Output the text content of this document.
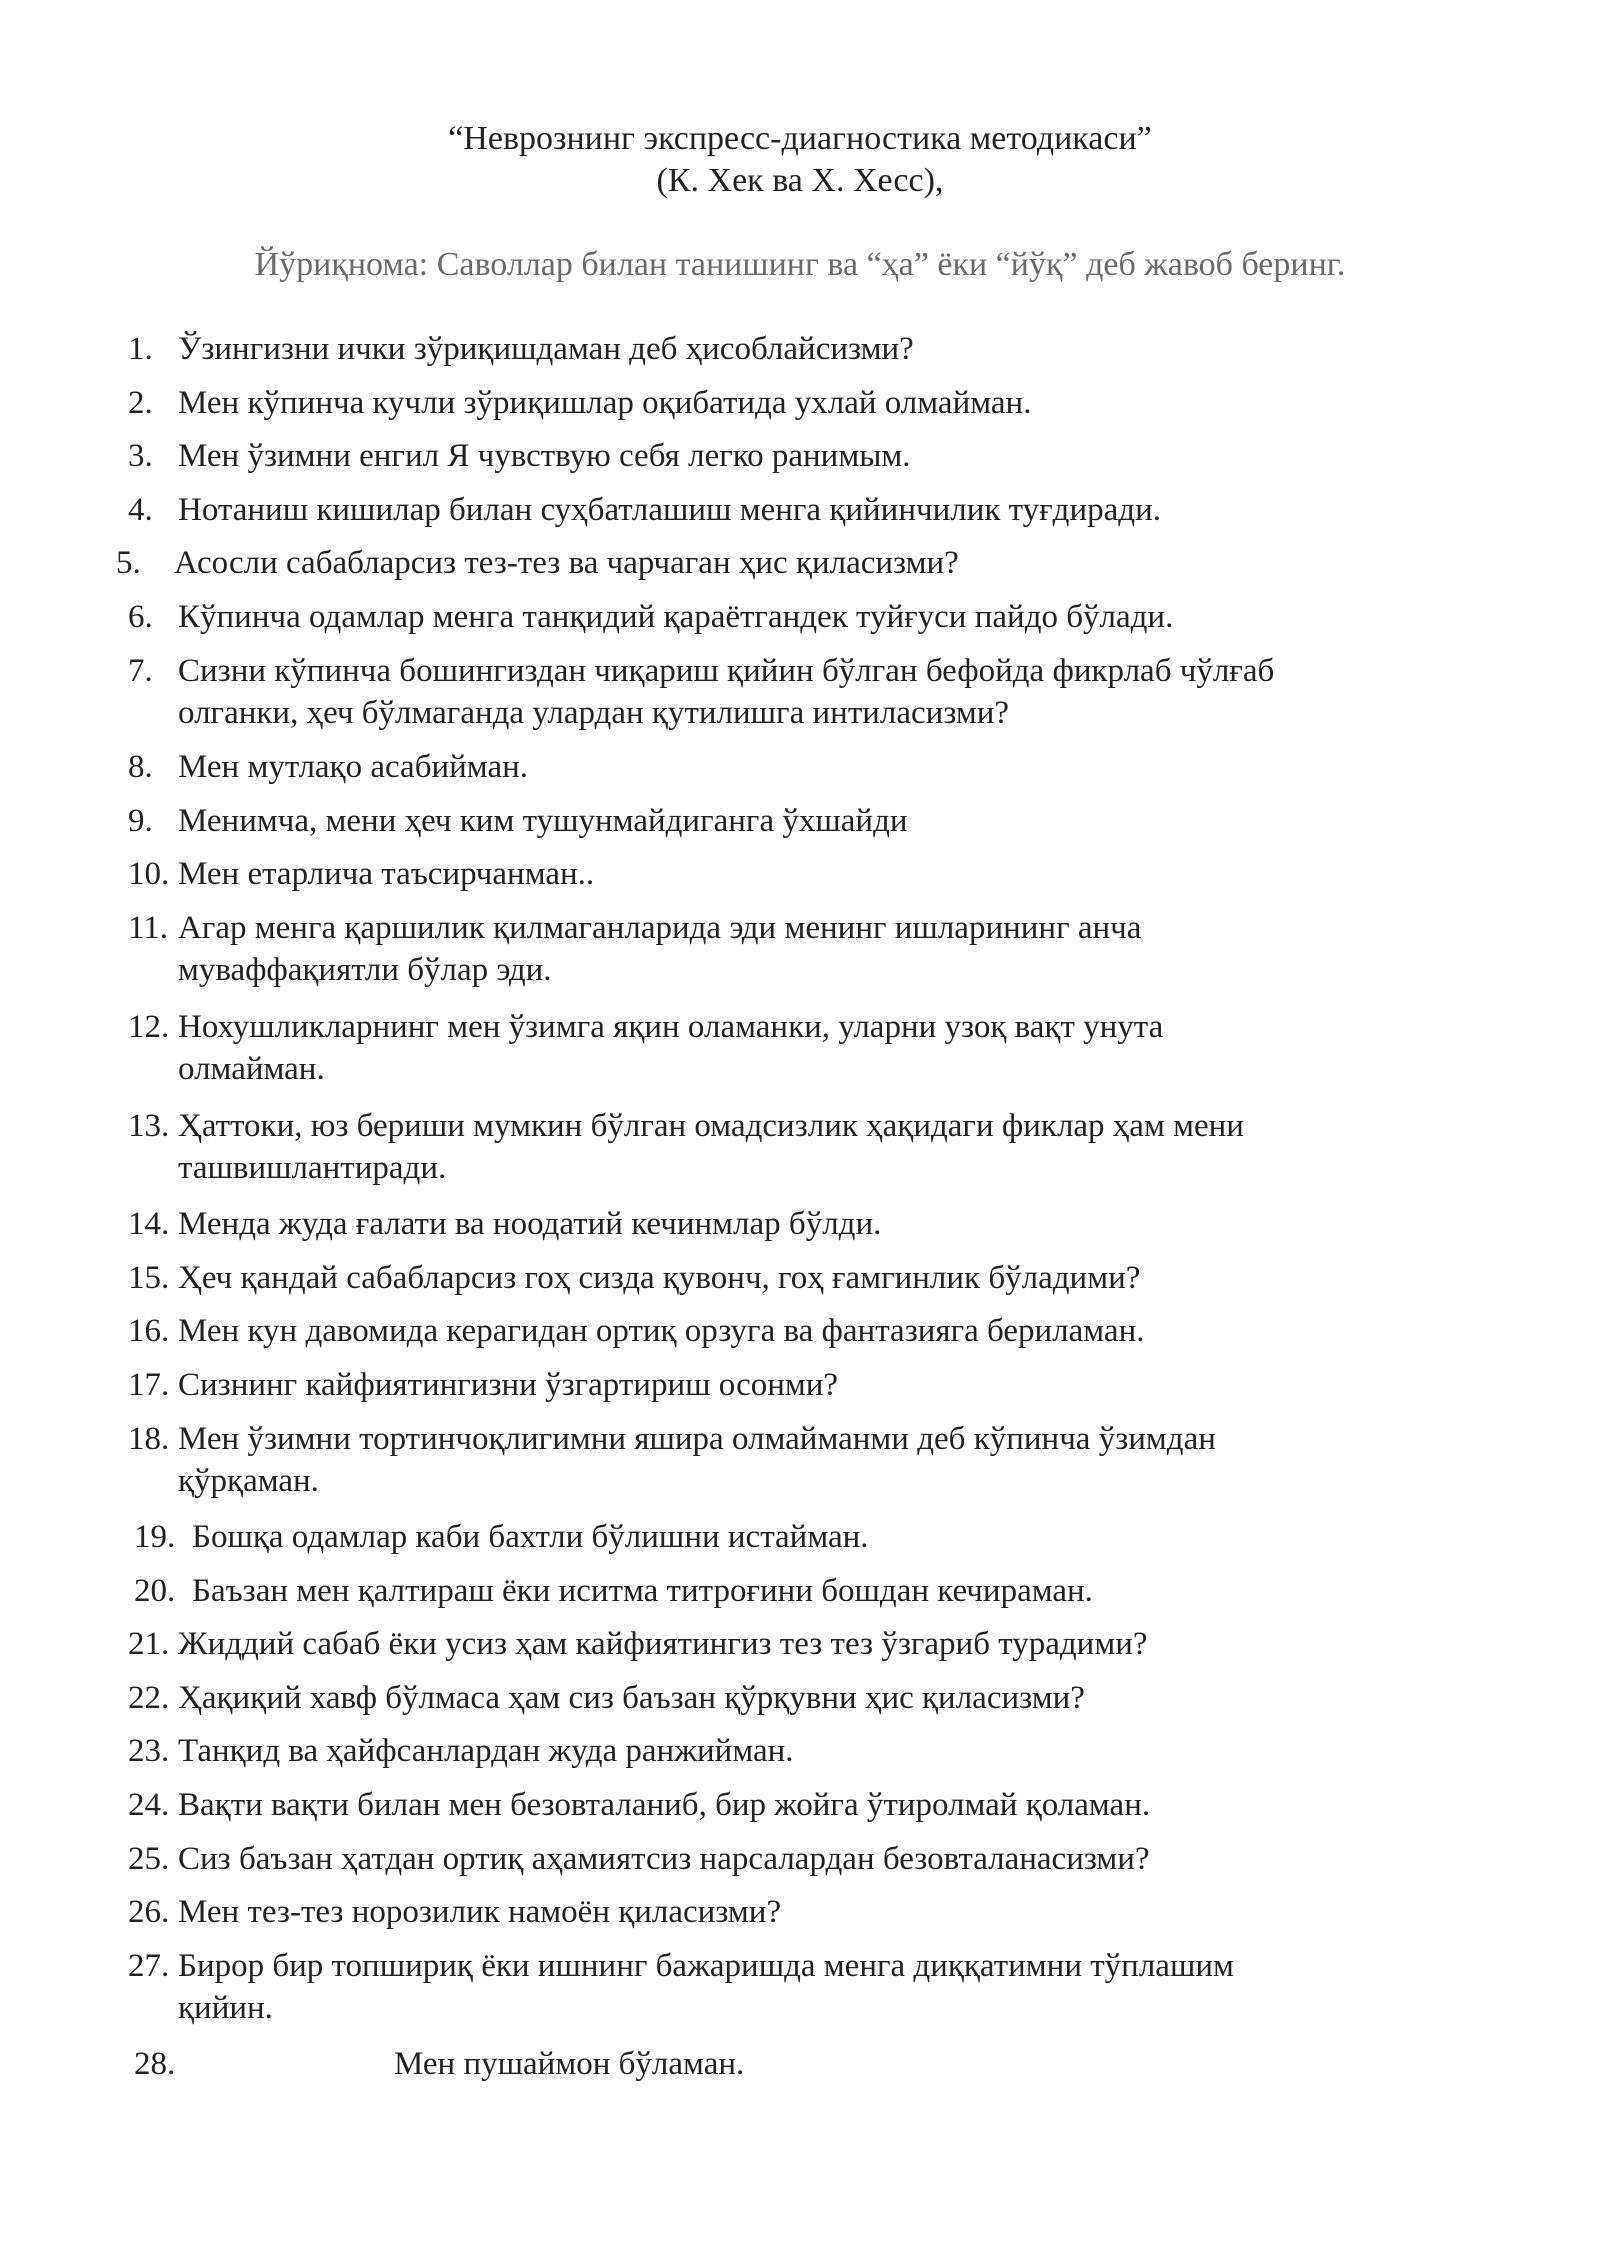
“Неврознинг экспресс-диагностика методикаси”
(К. Хек ва Х. Хесс),
Йўриқнома: Саволлар билан танишинг ва “ҳа” ёки “йўқ” деб жавоб беринг.
1. Ўзингизни ички зўриқишдаман деб ҳисоблайсизми?
2. Мен кўпинча кучли зўриқишлар оқибатида ухлай олмайман.
3. Мен ўзимни енгил Я чувствую себя легко ранимым.
4. Нотаниш кишилар билан суҳбатлашиш менга қийинчилик туғдиради.
5. Асосли сабабларсиз тез-тез ва чарчаган ҳис қиласизми?
6. Кўпинча одамлар менга танқидий қараётгандек туйғуси пайдо бўлади.
7. Сизни кўпинча бошингиздан чиқариш қийин бўлган бефойда фикрлаб чўлғаб
олганки, ҳеч бўлмаганда улардан қутилишга интиласизми?
8. Мен мутлақо асабийман.
9. Менимча, мени ҳеч ким тушунмайдиганга ўхшайди
10. Мен етарлича таъсирчанман..
11. Агар менга қаршилик қилмаганларида эди менинг ишларининг анча
муваффақиятли бўлар эди.
12. Нохушликларнинг мен ўзимга яқин оламанки, уларни узоқ вақт унута
олмайман.
13. Ҳаттоки, юз бериши мумкин бўлган омадсизлик ҳақидаги фиклар ҳам мени
ташвишлантиради.
14. Менда жуда ғалати ва ноодатий кечинмлар бўлди.
15. Ҳеч қандай сабабларсиз гоҳ сизда қувонч, гоҳ ғамгинлик бўладими?
16. Мен кун давомида керагидан ортиқ орзуга ва фантазияга бериламан.
17. Сизнинг кайфиятингизни ўзгартириш осонми?
18. Мен ўзимни тортинчоқлигимни яшира олмайманми деб кўпинча ўзимдан
қўрқаман.
19. Бошқа одамлар каби бахтли бўлишни истайман.
20. Баъзан мен қалтираш ёки иситма титроғини бошдан кечираман.
21. Жиддий сабаб ёки усиз ҳам кайфиятингиз тез тез ўзгариб турадими?
22. Ҳақиқий хавф бўлмаса ҳам сиз баъзан қўрқувни ҳис қиласизми?
23. Танқид ва ҳайфсанлардан жуда ранжийман.
24. Вақти вақти билан мен безовталаниб, бир жойга ўтиролмай қоламан.
25. Сиз баъзан ҳатдан ортиқ аҳамиятсиз нарсалардан безовталанасизми?
26. Мен тез-тез норозилик намоён қиласизми?
27. Бирор бир топшириқ ёки ишнинг бажаришда менга диққатимни тўплашим
қийин.
28.	Мен пушаймон бўламан.
